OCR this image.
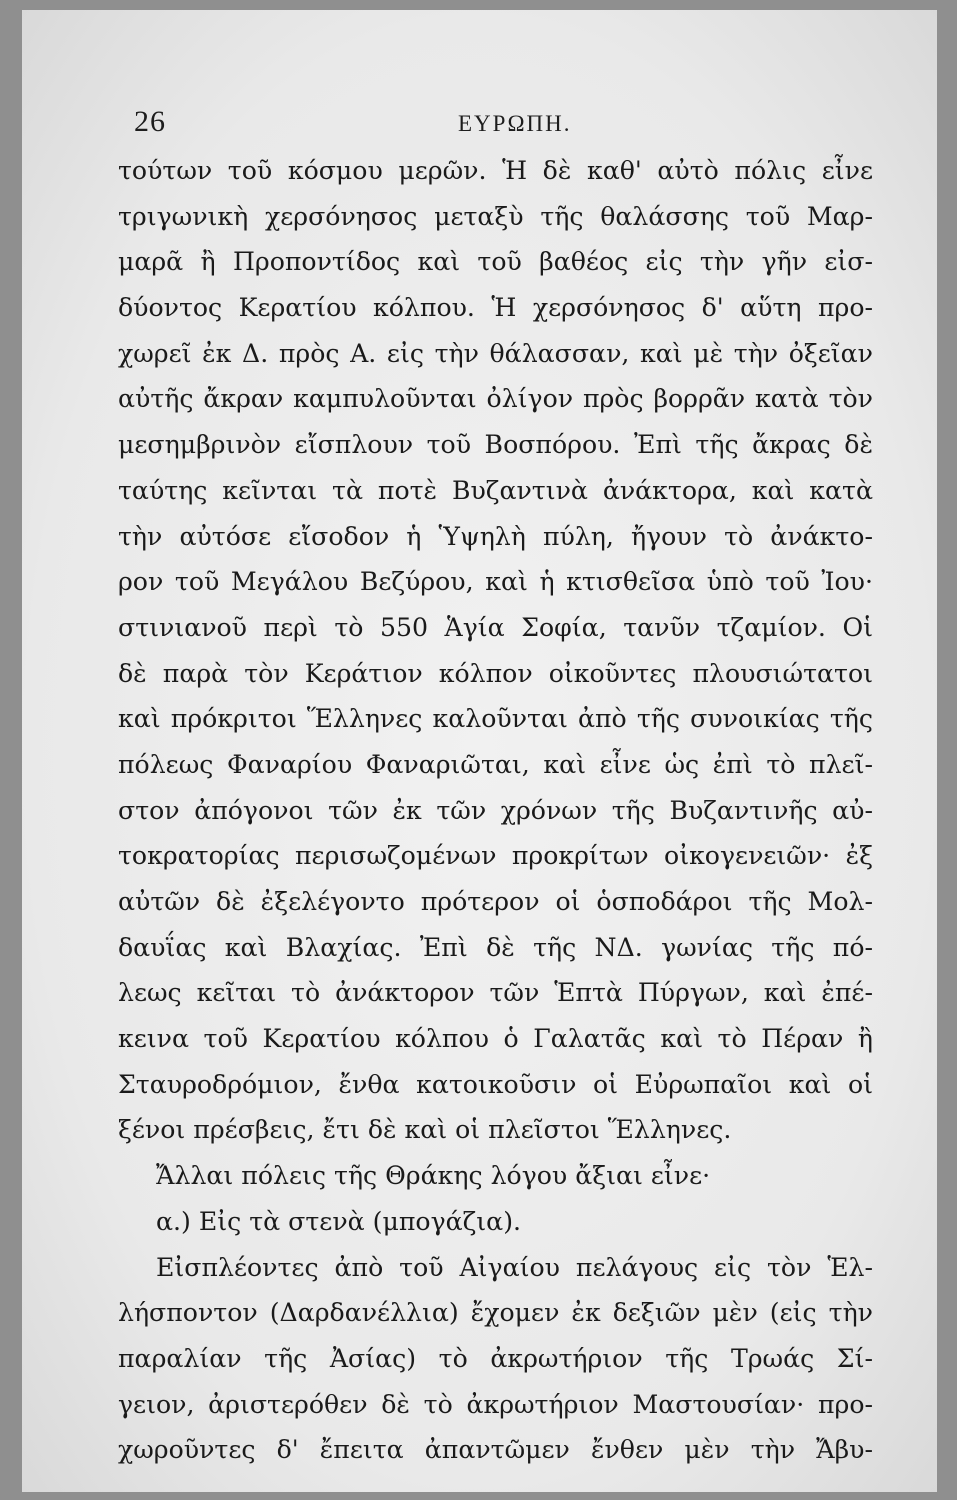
26	ΕΥΡΩΠΗ.
τούτων τοῦ κόσμου μερῶν. Ἡ δὲ καθ' αὐτὸ πόλις εἶνε
τριγωνικὴ χερσόνησος μεταξὺ τῆς θαλάσσης τοῦ Μαρ-
μαρᾶ ἢ Προποντίδος καὶ τοῦ βαθέος εἰς τὴν γῆν εἰσ-
δύοντος Κερατίου κόλπου. Ἡ χερσόνησος δ' αὕτη προ-
χωρεῖ ἐκ Δ. πρὸς Α. εἰς τὴν θάλασσαν, καὶ μὲ τὴν ὀξεῖαν
αὐτῆς ἄκραν καμπυλοῦνται ὀλίγον πρὸς βορρᾶν κατὰ τὸν
μεσημβρινὸν εἴσπλουν τοῦ Βοσπόρου. Ἐπὶ τῆς ἄκρας δὲ
ταύτης κεῖνται τὰ ποτὲ Βυζαντινὰ ἀνάκτορα, καὶ κατὰ
τὴν αὐτόσε εἴσοδον ἡ Ὑψηλὴ πύλη, ἤγουν τὸ ἀνάκτο-
ρον τοῦ Μεγάλου Βεζύρου, καὶ ἡ κτισθεῖσα ὑπὸ τοῦ Ἰου·
στινιανοῦ περὶ τὸ 550 Ἁγία Σοφία, τανῦν τζαμίον. Οἱ
δὲ παρὰ τὸν Κεράτιον κόλπον οἰκοῦντες πλουσιώτατοι
καὶ πρόκριτοι Ἕλληνες καλοῦνται ἀπὸ τῆς συνοικίας τῆς
πόλεως Φαναρίου Φαναριῶται, καὶ εἶνε ὡς ἐπὶ τὸ πλεῖ-
στον ἀπόγονοι τῶν ἐκ τῶν χρόνων τῆς Βυζαντινῆς αὐ-
τοκρατορίας περισωζομένων προκρίτων οἰκογενειῶν· ἐξ
αὐτῶν δὲ ἐξελέγοντο πρότερον οἱ ὁσποδάροι τῆς Μολ-
δαυΐας καὶ Βλαχίας. Ἐπὶ δὲ τῆς ΝΔ. γωνίας τῆς πό-
λεως κεῖται τὸ ἀνάκτορον τῶν Ἑπτὰ Πύργων, καὶ ἐπέ-
κεινα τοῦ Κερατίου κόλπου ὁ Γαλατᾶς καὶ τὸ Πέραν ἢ
Σταυροδρόμιον, ἔνθα κατοικοῦσιν οἱ Εὐρωπαῖοι καὶ οἱ
ξένοι πρέσβεις, ἔτι δὲ καὶ οἱ πλεῖστοι Ἕλληνες.
Ἄλλαι πόλεις τῆς Θράκης λόγου ἄξιαι εἶνε·
α.) Εἰς τὰ στενὰ (μπογάζια).
Εἰσπλέοντες ἀπὸ τοῦ Αἰγαίου πελάγους εἰς τὸν Ἑλ-
λήσποντον (Δαρδανέλλια) ἔχομεν ἐκ δεξιῶν μὲν (εἰς τὴν
παραλίαν τῆς Ἀσίας) τὸ ἀκρωτήριον τῆς Τρωάς Σί-
γειον, ἀριστερόθεν δὲ τὸ ἀκρωτήριον Μαστουσίαν· προ-
χωροῦντες δ' ἔπειτα ἀπαντῶμεν ἔνθεν μὲν τὴν Ἄβυ-
